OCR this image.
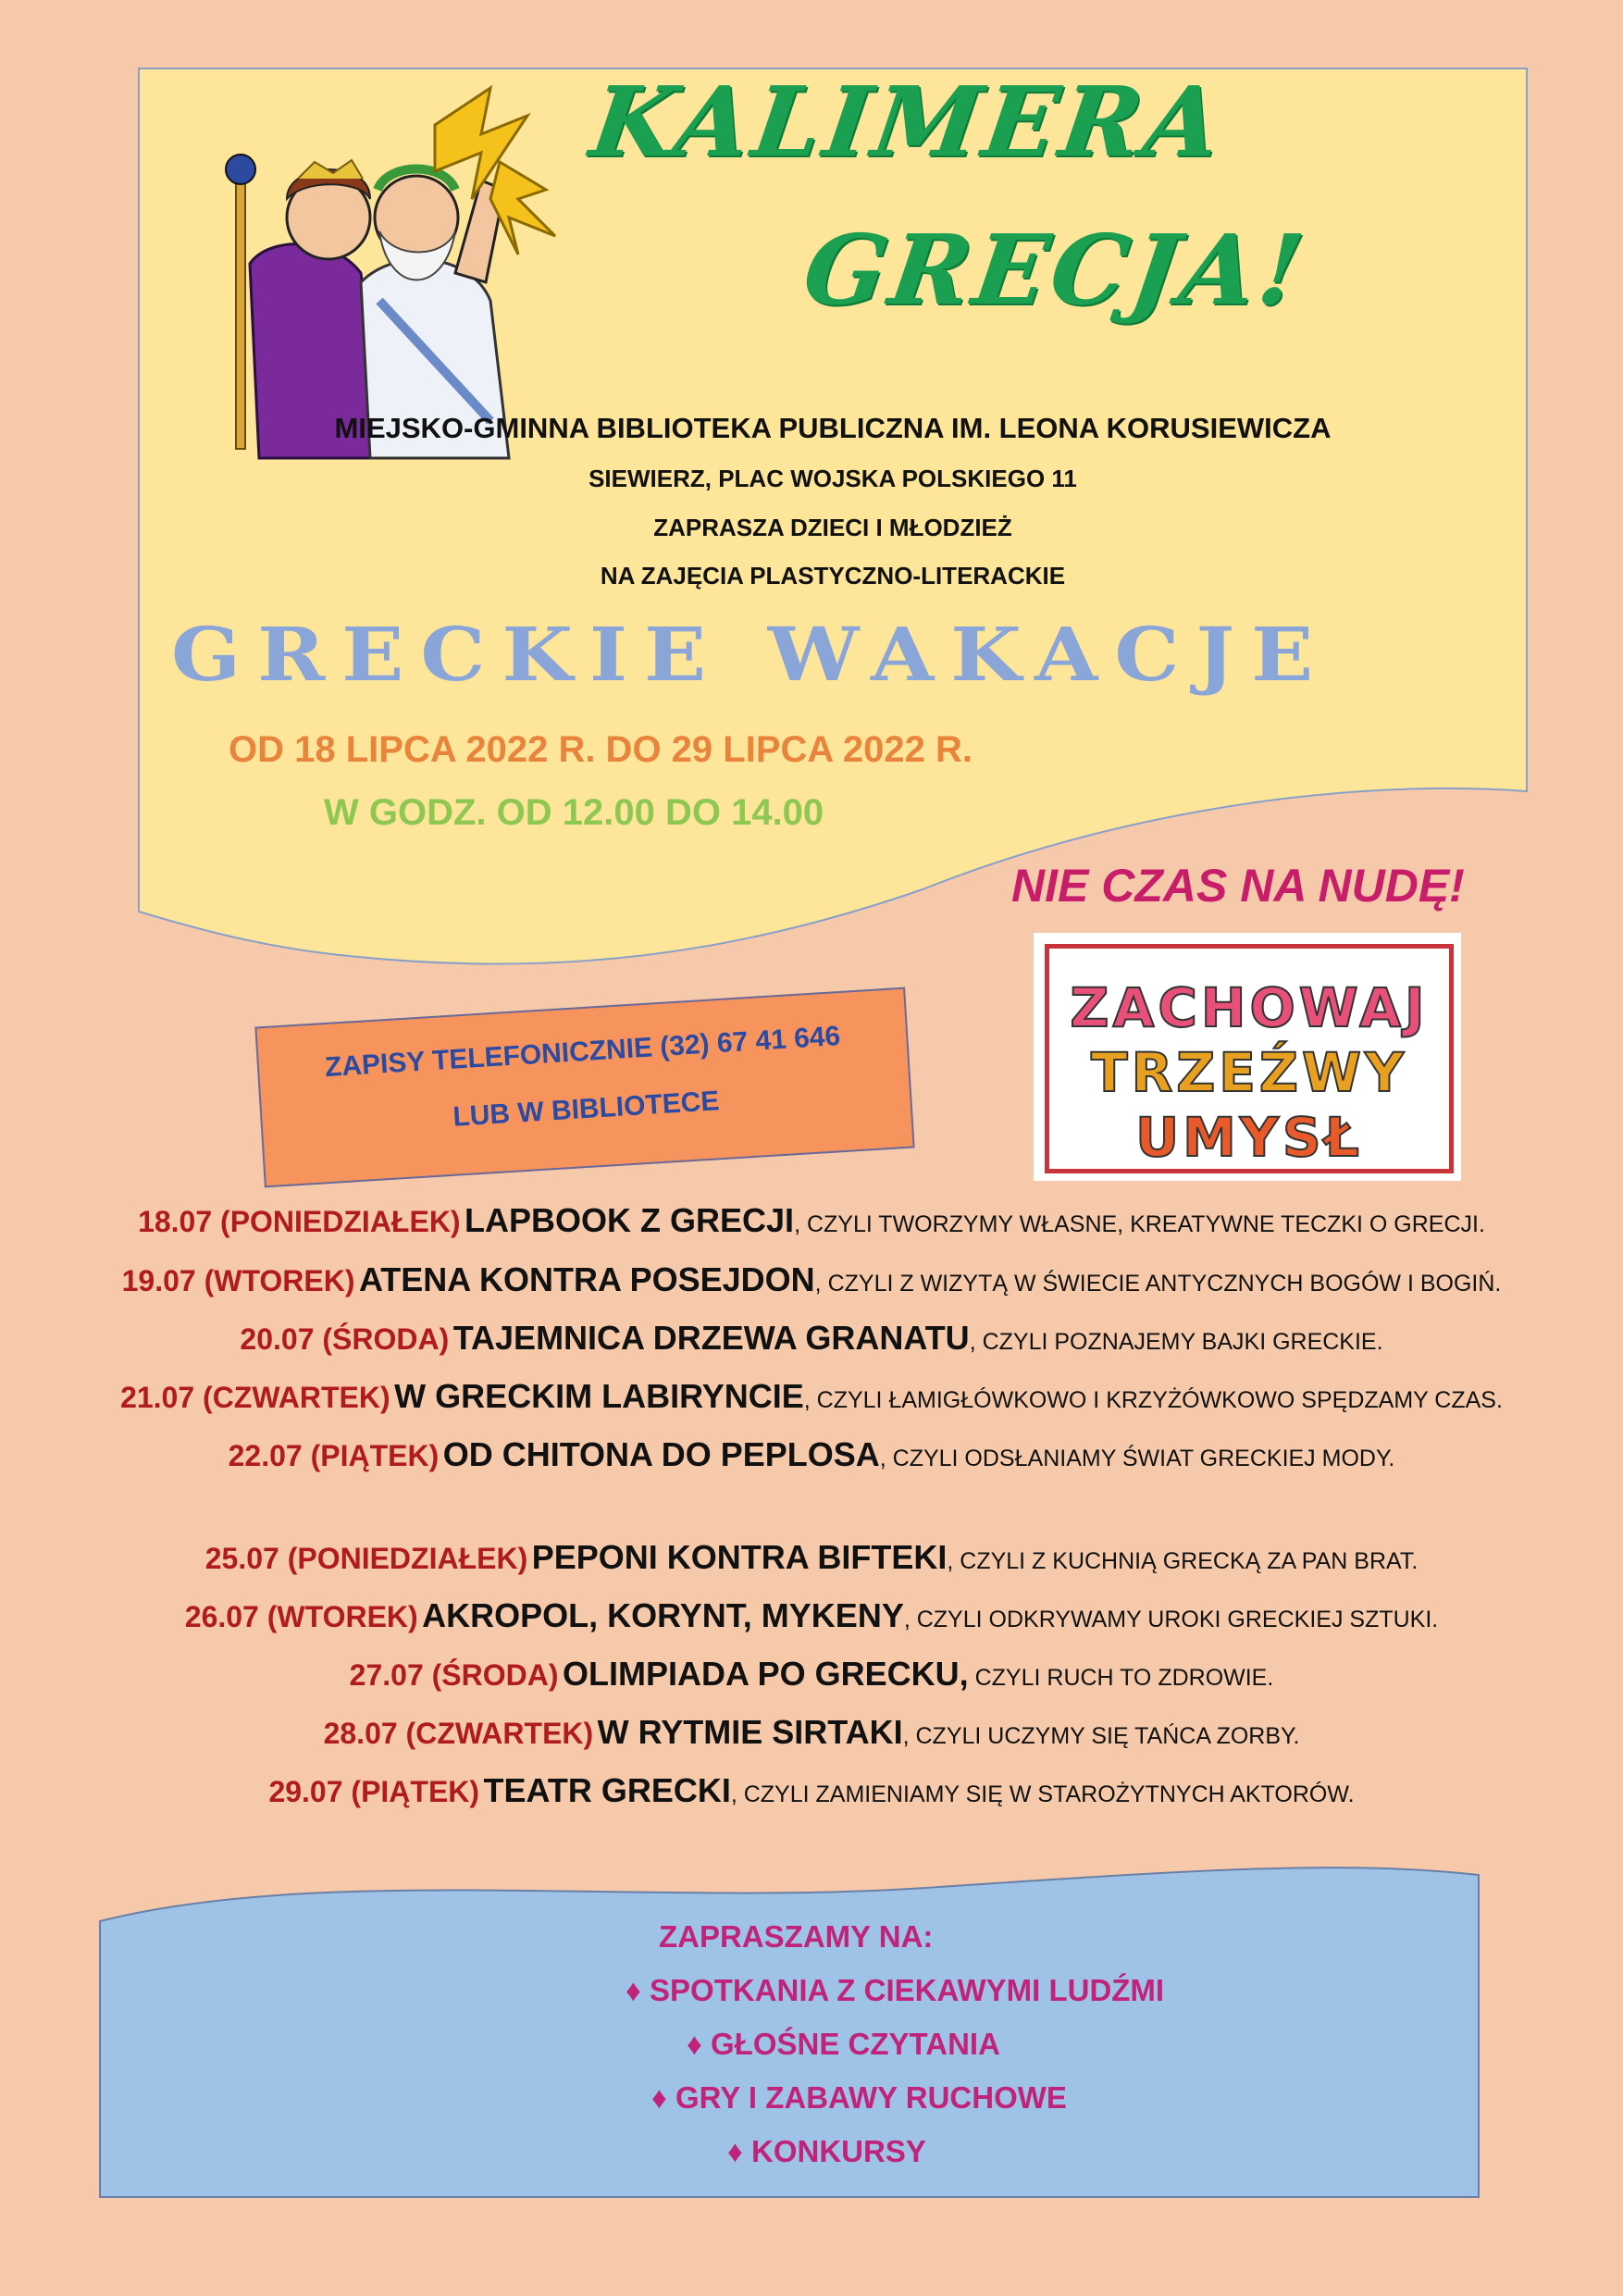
KALIMERA
GRECJA!
MIEJSKO-GMINNA BIBLIOTEKA PUBLICZNA IM. LEONA KORUSIEWICZA
SIEWIERZ, PLAC WOJSKA POLSKIEGO 11
ZAPRASZA DZIECI I MŁODZIEŻ
NA ZAJĘCIA PLASTYCZNO-LITERACKIE
GRECKIE WAKACJE
OD 18 LIPCA 2022 R. DO 29 LIPCA 2022 R.
W GODZ. OD 12.00 DO 14.00
NIE CZAS NA NUDĘ!
ZACHOWAJ
TRZEŹWY
UMYSŁ
ZAPISY TELEFONICZNIE (32) 67 41 646
LUB W BIBLIOTECE
18.07 (PONIEDZIAŁEK) LAPBOOK Z GRECJI, CZYLI TWORZYMY WŁASNE, KREATYWNE TECZKI O GRECJI.
19.07 (WTOREK) ATENA KONTRA POSEJDON, CZYLI Z WIZYTĄ W ŚWIECIE ANTYCZNYCH BOGÓW I BOGIŃ.
20.07 (ŚRODA) TAJEMNICA DRZEWA GRANATU, CZYLI POZNAJEMY BAJKI GRECKIE.
21.07 (CZWARTEK) W GRECKIM LABIRYNCIE, CZYLI ŁAMIGŁÓWKOWO I KRZYŻÓWKOWO SPĘDZAMY CZAS.
22.07 (PIĄTEK) OD CHITONA DO PEPLOSA, CZYLI ODSŁANIAMY ŚWIAT GRECKIEJ MODY.
25.07 (PONIEDZIAŁEK) PEPONI KONTRA BIFTEKI, CZYLI Z KUCHNIĄ GRECKĄ ZA PAN BRAT.
26.07 (WTOREK) AKROPOL, KORYNT, MYKENY, CZYLI ODKRYWAMY UROKI GRECKIEJ SZTUKI.
27.07 (ŚRODA) OLIMPIADA PO GRECKU, CZYLI RUCH TO ZDROWIE.
28.07 (CZWARTEK) W RYTMIE SIRTAKI, CZYLI UCZYMY SIĘ TAŃCA ZORBY.
29.07 (PIĄTEK) TEATR GRECKI, CZYLI ZAMIENIAMY SIĘ W STAROŻYTNYCH AKTORÓW.
ZAPRASZAMY NA:
♦ SPOTKANIA Z CIEKAWYMI LUDŹMI
♦ GŁOŚNE CZYTANIA
♦ GRY I ZABAWY RUCHOWE
♦ KONKURSY
